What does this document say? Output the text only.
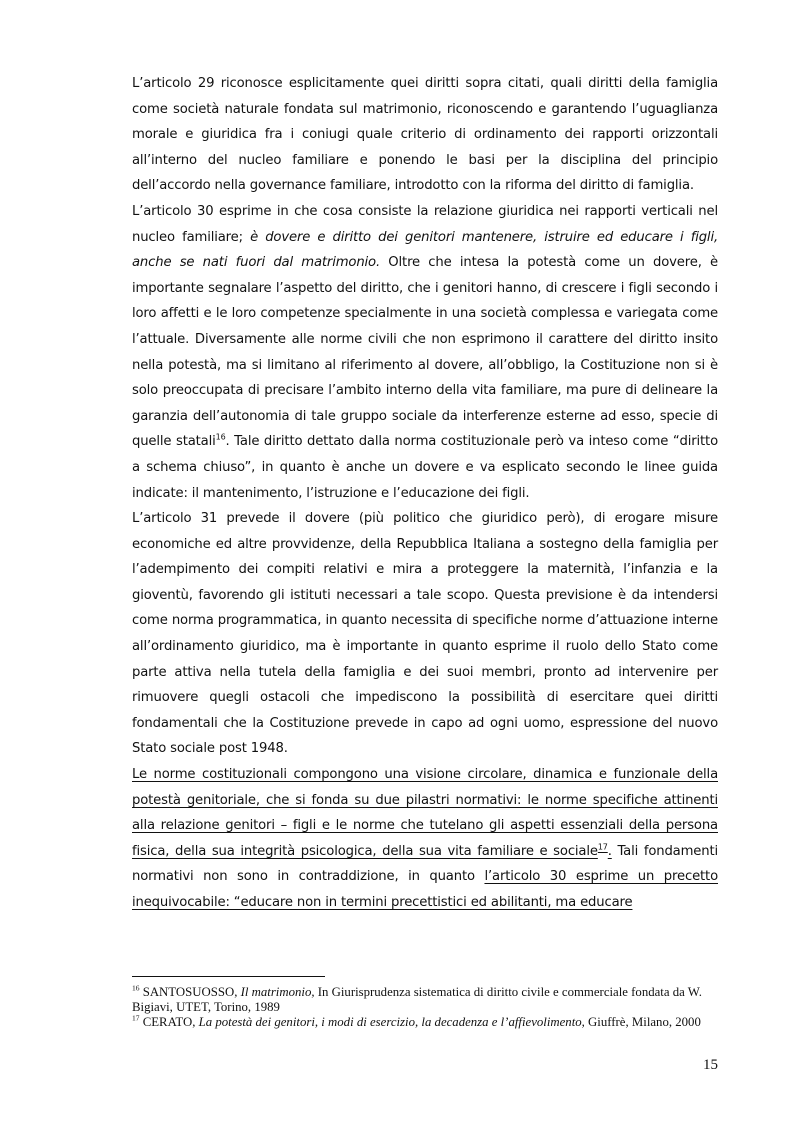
L’articolo 29 riconosce esplicitamente quei diritti sopra citati, quali diritti della famiglia come società naturale fondata sul matrimonio, riconoscendo e garantendo l’uguaglianza morale e giuridica fra i coniugi quale criterio di ordinamento dei rapporti orizzontali all’interno del nucleo familiare e ponendo le basi per la disciplina del principio dell’accordo nella governance familiare, introdotto con la riforma del diritto di famiglia.

L’articolo 30 esprime in che cosa consiste la relazione giuridica nei rapporti verticali nel nucleo familiare; è dovere e diritto dei genitori mantenere, istruire ed educare i figli, anche se nati fuori dal matrimonio. Oltre che intesa la potestà come un dovere, è importante segnalare l’aspetto del diritto, che i genitori hanno, di crescere i figli secondo i loro affetti e le loro competenze specialmente in una società complessa e variegata come l’attuale. Diversamente alle norme civili che non esprimono il carattere del diritto insito nella potestà, ma si limitano al riferimento al dovere, all’obbligo, la Costituzione non si è solo preoccupata di precisare l’ambito interno della vita familiare, ma pure di delineare la garanzia dell’autonomia di tale gruppo sociale da interferenze esterne ad esso, specie di quelle statali$^{16}$. Tale diritto dettato dalla norma costituzionale però va inteso come “diritto a schema chiuso”, in quanto è anche un dovere e va esplicato secondo le linee guida indicate: il mantenimento, l’istruzione e l’educazione dei figli.

L’articolo 31 prevede il dovere (più politico che giuridico però), di erogare misure economiche ed altre provvidenze, della Repubblica Italiana a sostegno della famiglia per l’adempimento dei compiti relativi e mira a proteggere la maternità, l’infanzia e la gioventù, favorendo gli istituti necessari a tale scopo. Questa previsione è da intendersi come norma programmatica, in quanto necessita di specifiche norme d’attuazione interne all’ordinamento giuridico, ma è importante in quanto esprime il ruolo dello Stato come parte attiva nella tutela della famiglia e dei suoi membri, pronto ad intervenire per rimuovere quegli ostacoli che impediscono la possibilità di esercitare quei diritti fondamentali che la Costituzione prevede in capo ad ogni uomo, espressione del nuovo Stato sociale post 1948.

Le norme costituzionali compongono una visione circolare, dinamica e funzionale della potestà genitoriale, che si fonda su due pilastri normativi: le norme specifiche attinenti alla relazione genitori – figli e le norme che tutelano gli aspetti essenziali della persona fisica, della sua integrità psicologica, della sua vita familiare e sociale$^{17}$. Tali fondamenti normativi non sono in contraddizione, in quanto l’articolo 30 esprime un precetto inequivocabile: “educare non in termini precettistici ed abilitanti, ma educare

$^{16}$ SANTOSUOSSO, Il matrimonio, In Giurisprudenza sistematica di diritto civile e commerciale fondata da W. Bigiavi, UTET, Torino, 1989

$^{17}$ CERATO, La potestà dei genitori, i modi di esercizio, la decadenza e l’affievolimento, Giuffrè, Milano, 2000

15
